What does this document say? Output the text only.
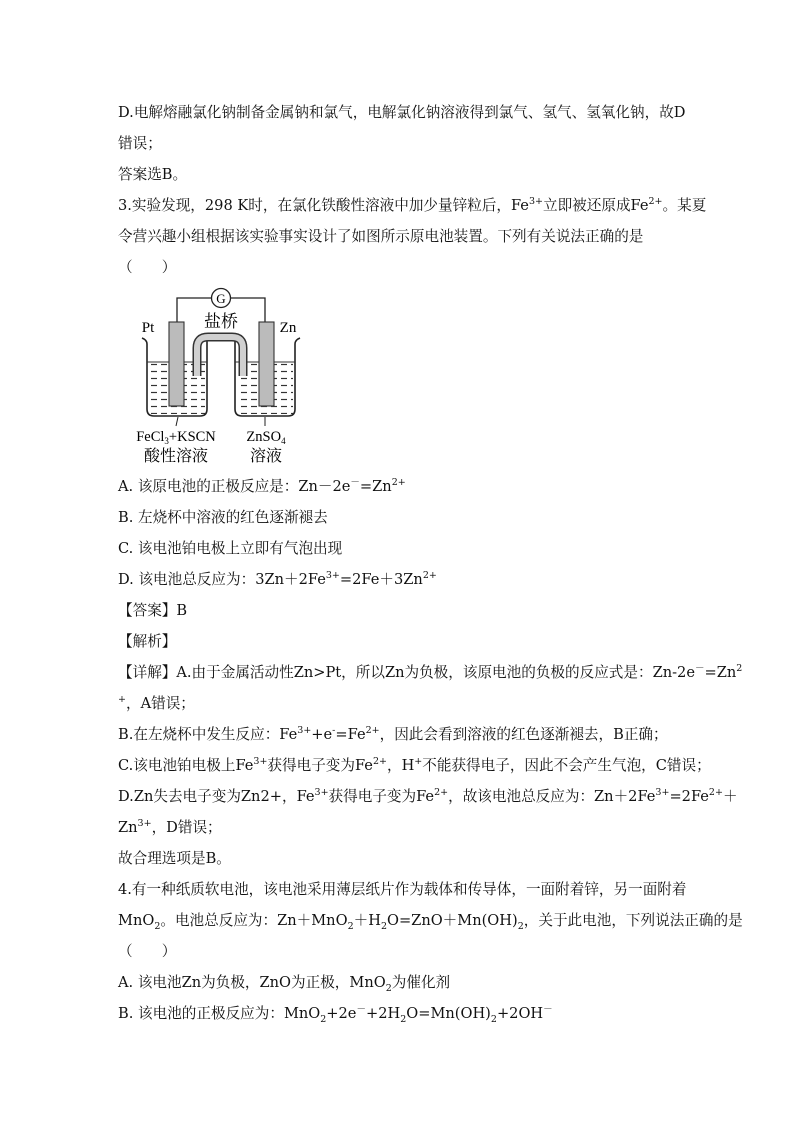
D.电解熔融氯化钠制备金属钠和氯气，电解氯化钠溶液得到氯气、氢气、氢氧化钠，故D
错误；
答案选B。
3.实验发现，298 K时，在氯化铁酸性溶液中加少量锌粒后，$Fe^{3+}$立即被还原成$Fe^{2+}$。某夏
令营兴趣小组根据该实验事实设计了如图所示原电池装置。下列有关说法正确的是
（　　）
G
盐桥
Pt	Zn
FeCl$_3$+KSCN
酸性溶液
ZnSO$_4$
溶液
A. 该原电池的正极反应是：$Zn-2e^-=Zn^{2+}$
B. 左烧杯中溶液的红色逐渐褪去
C. 该电池铂电极上立即有气泡出现
D. 该电池总反应为：$3Zn+2Fe^{3+}=2Fe+3Zn^{2+}$
【答案】B
【解析】
【详解】A.由于金属活动性Zn>Pt，所以Zn为负极，该原电池的负极的反应式是：$Zn-2e^-=Zn^2$
+，A错误；
B.在左烧杯中发生反应：$Fe^{3+}+e^-=Fe^{2+}$，因此会看到溶液的红色逐渐褪去，B正确；
C.该电池铂电极上$Fe^{3+}$获得电子变为$Fe^{2+}$，H+不能获得电子，因此不会产生气泡，C错误；
D.Zn失去电子变为Zn2+，$Fe^{3+}$获得电子变为$Fe^{2+}$，故该电池总反应为：$Zn+2Fe^{3+}=2Fe^{2+}+$
$Zn^{3+}$，D错误；
故合理选项是B。
4.有一种纸质软电池，该电池采用薄层纸片作为载体和传导体，一面附着锌，另一面附着
MnO$_2$。电池总反应为：$Zn+MnO_2+H_2O=ZnO+Mn(OH)_2$，关于此电池，下列说法正确的是
（　　）
A. 该电池Zn为负极，ZnO为正极，MnO$_2$为催化剂
B. 该电池的正极反应为：$MnO_2+2e^-+2H_2O=Mn(OH)_2+2OH^-$
